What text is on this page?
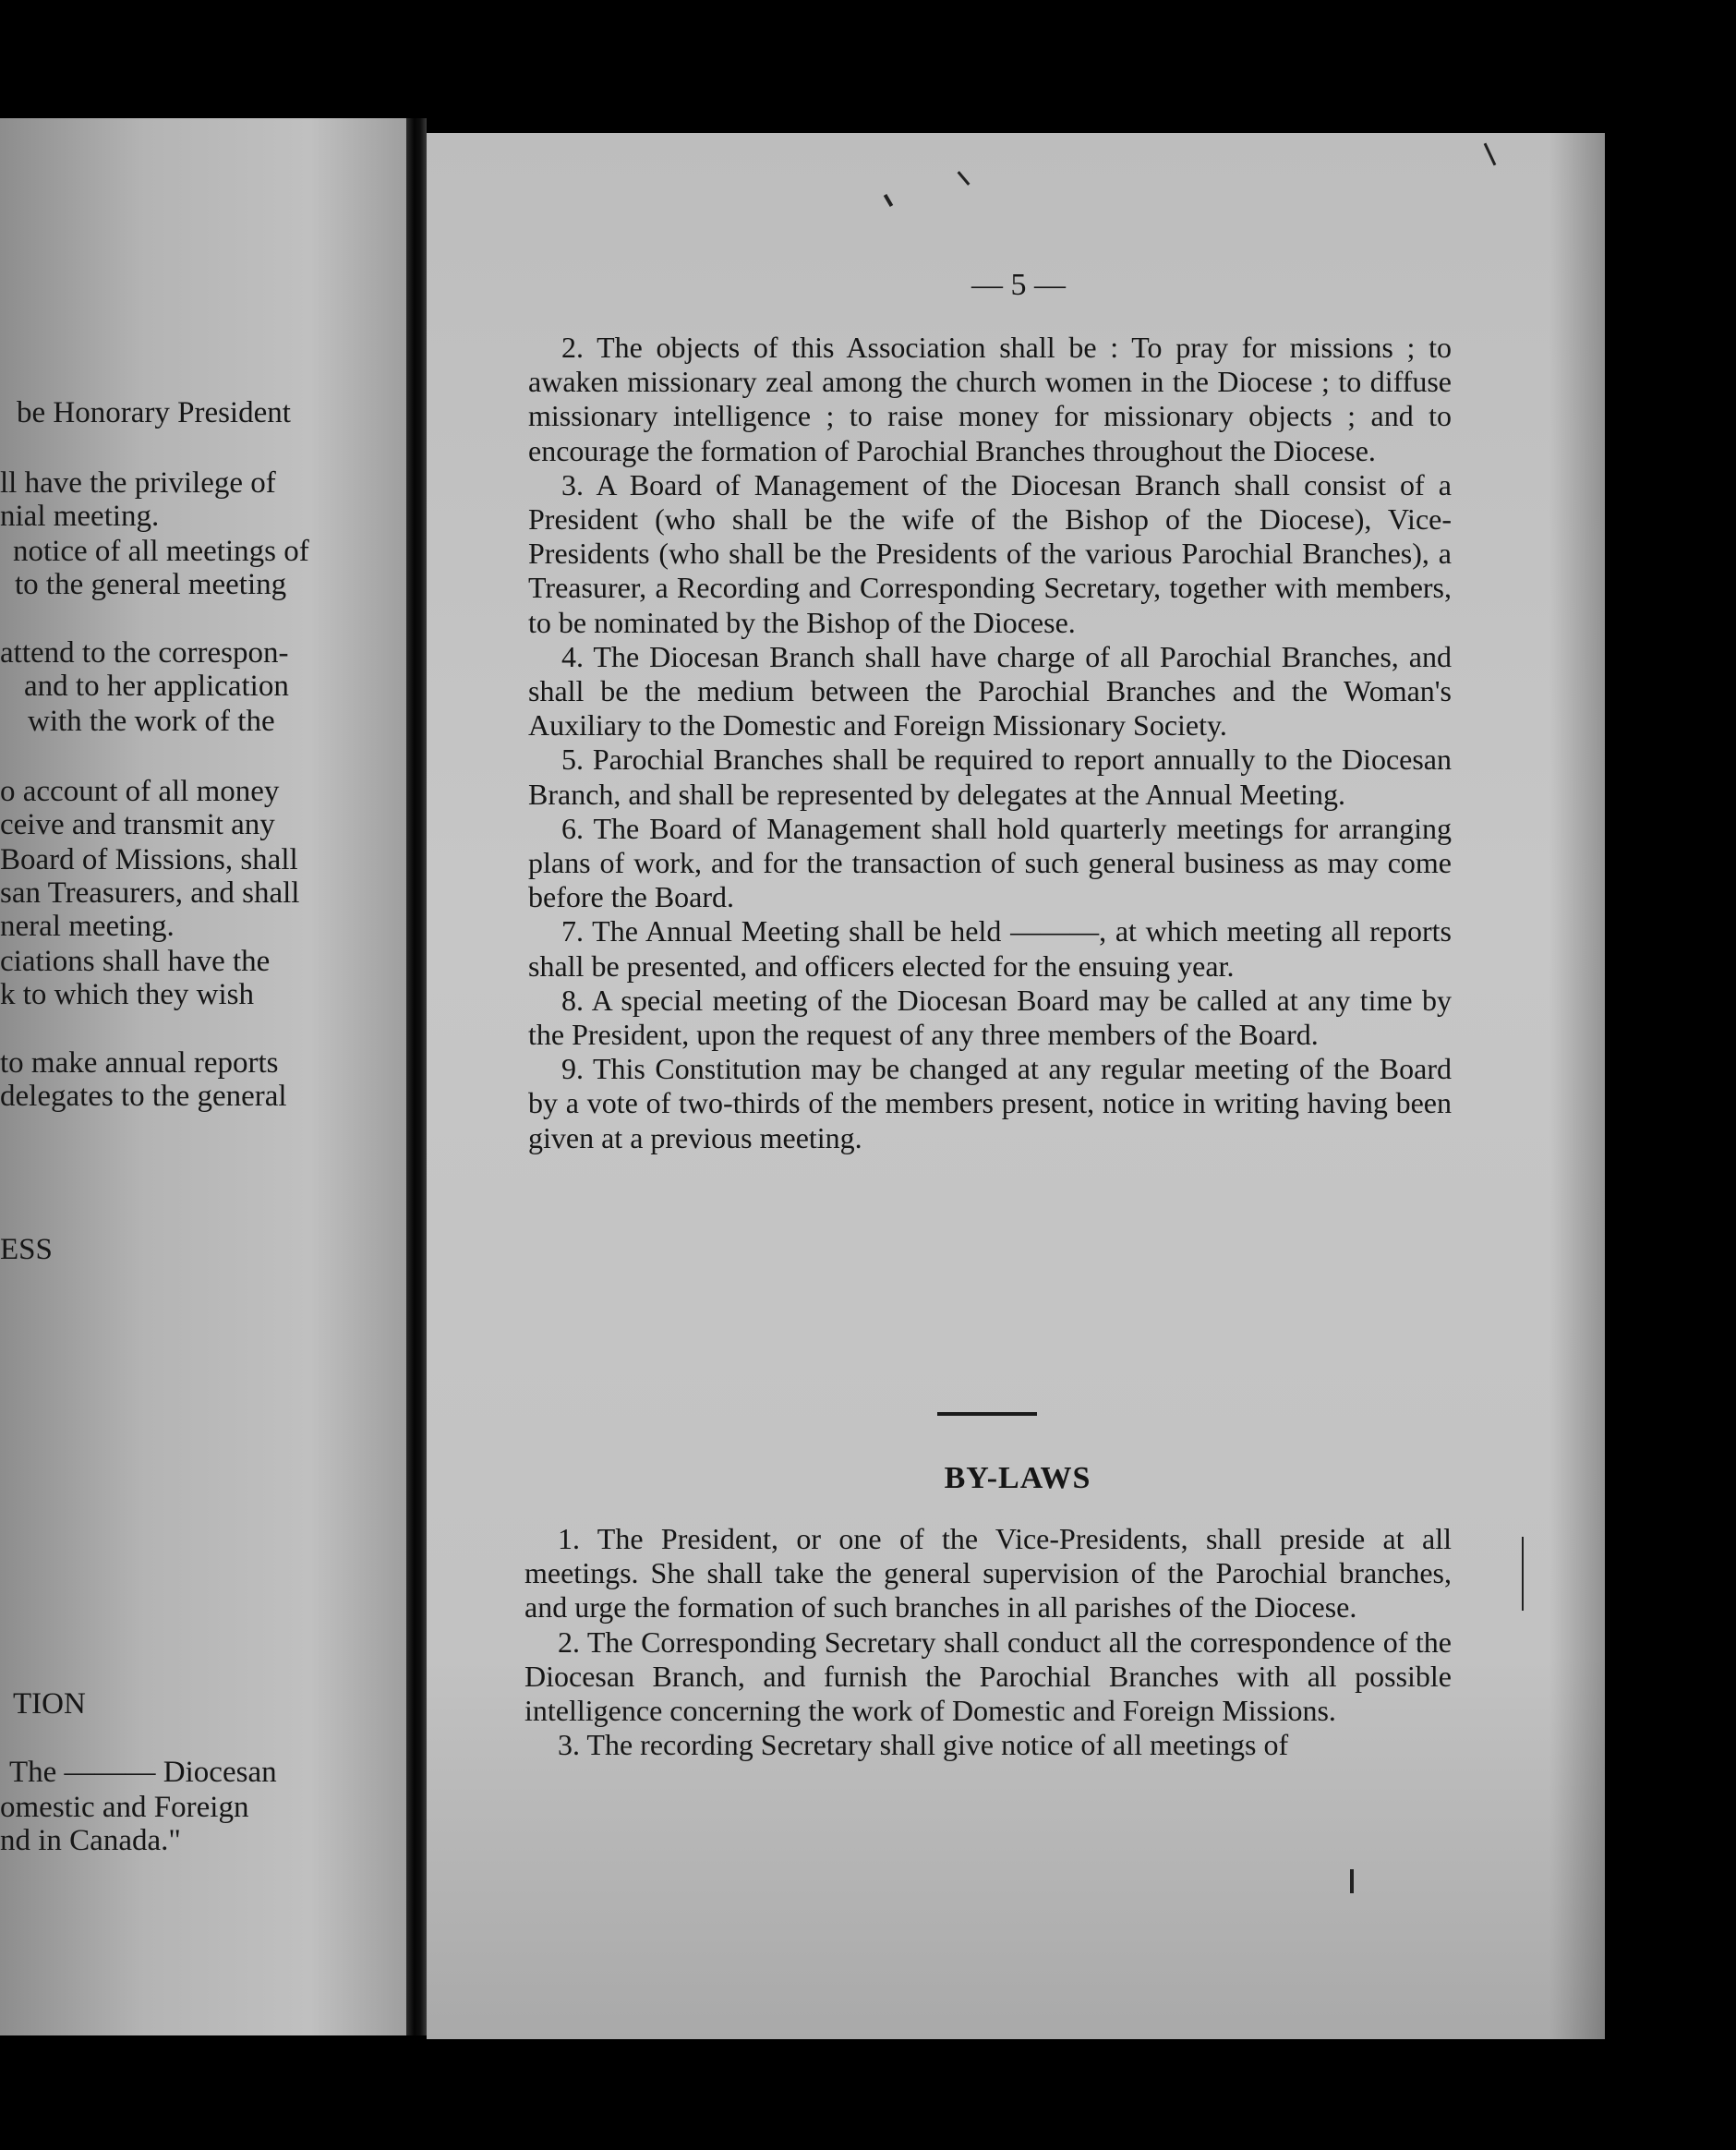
be Honorary President
ll have the privilege of
nial meeting.
notice of all meetings of
to the general meeting
attend to the correspon-
and to her application
with the work of the
o account of all money
ceive and transmit any
Board of Missions, shall
san Treasurers, and shall
neral meeting.
ciations shall have the
k to which they wish
to make annual reports
delegates to the general
ESS
TION
The ——— Diocesan
omestic and Foreign
nd in Canada."
— 5 —

2. The objects of this Association shall be : To pray for missions ; to awaken missionary zeal among the church women in the Diocese ; to diffuse missionary intelligence ; to raise money for missionary objects ; and to encourage the formation of Parochial Branches throughout the Diocese.

3. A Board of Management of the Diocesan Branch shall consist of a President (who shall be the wife of the Bishop of the Diocese), Vice-Presidents (who shall be the Presidents of the various Parochial Branches), a Treasurer, a Recording and Corresponding Secretary, together with members, to be nominated by the Bishop of the Diocese.

4. The Diocesan Branch shall have charge of all Parochial Branches, and shall be the medium between the Parochial Branches and the Woman's Auxiliary to the Domestic and Foreign Missionary Society.

5. Parochial Branches shall be required to report annually to the Diocesan Branch, and shall be represented by delegates at the Annual Meeting.

6. The Board of Management shall hold quarterly meetings for arranging plans of work, and for the transaction of such general business as may come before the Board.

7. The Annual Meeting shall be held ———, at which meeting all reports shall be presented, and officers elected for the ensuing year.

8. A special meeting of the Diocesan Board may be called at any time by the President, upon the request of any three members of the Board.

9. This Constitution may be changed at any regular meeting of the Board by a vote of two-thirds of the members present, notice in writing having been given at a previous meeting.

BY-LAWS

1. The President, or one of the Vice-Presidents, shall preside at all meetings. She shall take the general supervision of the Parochial branches, and urge the formation of such branches in all parishes of the Diocese.

2. The Corresponding Secretary shall conduct all the correspondence of the Diocesan Branch, and furnish the Parochial Branches with all possible intelligence concerning the work of Domestic and Foreign Missions.

3. The recording Secretary shall give notice of all meetings of
